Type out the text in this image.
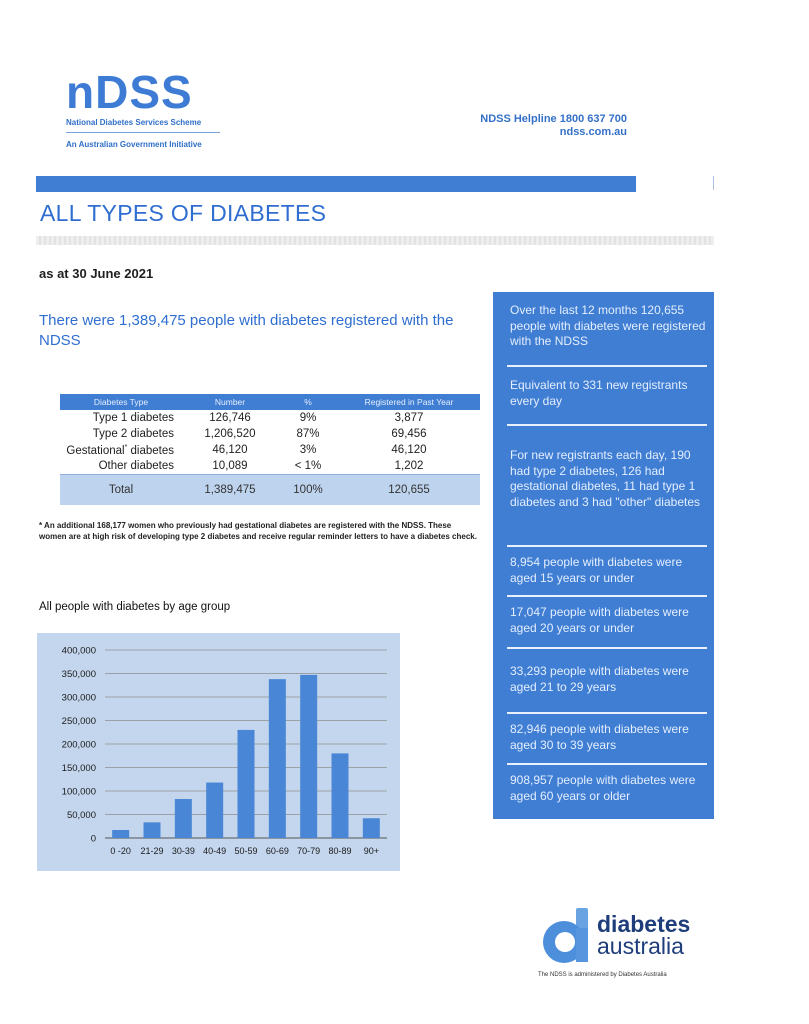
nDSS
National Diabetes Services Scheme
An Australian Government Initiative
NDSS Helpline 1800 637 700
ndss.com.au
ALL TYPES OF DIABETES
as at 30 June 2021
There were 1,389,475 people with diabetes registered with the NDSS
Diabetes Type	Number	%	Registered in Past Year
Type 1 diabetes	126,746	9%	3,877
Type 2 diabetes	1,206,520	87%	69,456
Gestational* diabetes	46,120	3%	46,120
Other diabetes	10,089	< 1%	1,202
Total	1,389,475	100%	120,655
* An additional 168,177 women who previously had gestational diabetes are registered with the NDSS. These women are at high risk of developing type 2 diabetes and receive regular reminder letters to have a diabetes check.
All people with diabetes by age group
400,000
350,000
300,000
250,000
200,000
150,000
100,000
50,000
0
0 -20 21-29 30-39 40-49 50-59 60-69 70-79 80-89 90+
Over the last 12 months 120,655 people with diabetes were registered with the NDSS
Equivalent to 331 new registrants every day
For new registrants each day, 190 had type 2 diabetes, 126 had gestational diabetes, 11 had type 1 diabetes and 3 had "other" diabetes
8,954 people with diabetes were aged 15 years or under
17,047 people with diabetes were aged 20 years or under
33,293 people with diabetes were aged 21 to 29 years
82,946 people with diabetes were aged 30 to 39 years
908,957 people with diabetes were aged 60 years or older
diabetes
australia
The NDSS is administered by Diabetes Australia
